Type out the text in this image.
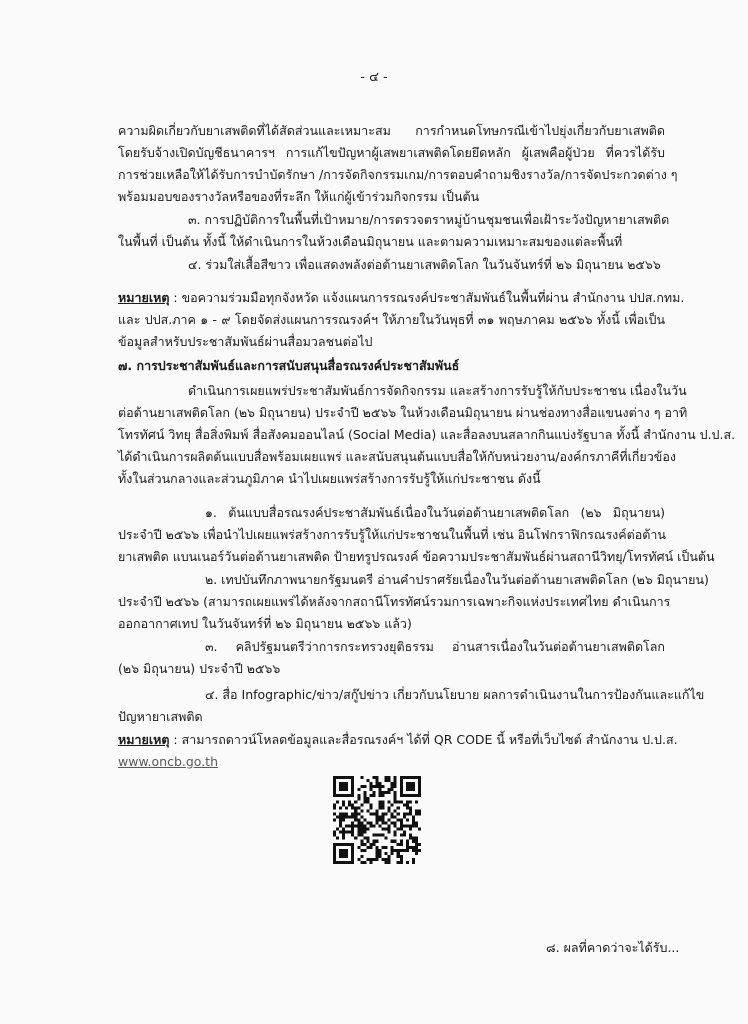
- ๔ -
ความผิดเกี่ยวกับยาเสพติดที่ได้สัดส่วนและเหมาะสม การกำหนดโทษกรณีเข้าไปยุ่งเกี่ยวกับยาเสพติด
โดยรับจ้างเปิดบัญชีธนาคารฯ การแก้ไขปัญหาผู้เสพยาเสพติดโดยยึดหลัก ผู้เสพคือผู้ป่วย ที่ควรได้รับ
การช่วยเหลือให้ได้รับการบำบัดรักษา /การจัดกิจกรรมเกม/การตอบคำถามชิงรางวัล/การจัดประกวดต่าง ๆ
พร้อมมอบของรางวัลหรือของที่ระลึก ให้แก่ผู้เข้าร่วมกิจกรรม เป็นต้น
๓. การปฏิบัติการในพื้นที่เป้าหมาย/การตรวจตราหมู่บ้านชุมชนเพื่อเฝ้าระวังปัญหายาเสพติด
ในพื้นที่ เป็นต้น ทั้งนี้ ให้ดำเนินการในห้วงเดือนมิถุนายน และตามความเหมาะสมของแต่ละพื้นที่
๔. ร่วมใส่เสื้อสีขาว เพื่อแสดงพลังต่อต้านยาเสพติดโลก ในวันจันทร์ที่ ๒๖ มิถุนายน ๒๕๖๖
หมายเหตุ : ขอความร่วมมือทุกจังหวัด แจ้งแผนการรณรงค์ประชาสัมพันธ์ในพื้นที่ผ่าน สำนักงาน ปปส.กทม.
และ ปปส.ภาค ๑ - ๙ โดยจัดส่งแผนการรณรงค์ฯ ให้ภายในวันพุธที่ ๓๑ พฤษภาคม ๒๕๖๖ ทั้งนี้ เพื่อเป็น
ข้อมูลสำหรับประชาสัมพันธ์ผ่านสื่อมวลชนต่อไป
๗. การประชาสัมพันธ์และการสนับสนุนสื่อรณรงค์ประชาสัมพันธ์
ดำเนินการเผยแพร่ประชาสัมพันธ์การจัดกิจกรรม และสร้างการรับรู้ให้กับประชาชน เนื่องในวัน
ต่อต้านยาเสพติดโลก (๒๖ มิถุนายน) ประจำปี ๒๕๖๖ ในห้วงเดือนมิถุนายน ผ่านช่องทางสื่อแขนงต่าง ๆ อาทิ
โทรทัศน์ วิทยุ สื่อสิ่งพิมพ์ สื่อสังคมออนไลน์ (Social Media) และสื่อลงบนสลากกินแบ่งรัฐบาล ทั้งนี้ สำนักงาน ป.ป.ส.
ได้ดำเนินการผลิตต้นแบบสื่อพร้อมเผยแพร่ และสนับสนุนต้นแบบสื่อให้กับหน่วยงาน/องค์กรภาคีที่เกี่ยวข้อง
ทั้งในส่วนกลางและส่วนภูมิภาค นำไปเผยแพร่สร้างการรับรู้ให้แก่ประชาชน ดังนี้
๑. ต้นแบบสื่อรณรงค์ประชาสัมพันธ์เนื่องในวันต่อต้านยาเสพติดโลก (๒๖ มิถุนายน)
ประจำปี ๒๕๖๖ เพื่อนำไปเผยแพร่สร้างการรับรู้ให้แก่ประชาชนในพื้นที่ เช่น อินโฟกราฟิกรณรงค์ต่อต้าน
ยาเสพติด แบนเนอร์วันต่อต้านยาเสพติด ป้ายทรูปรณรงค์ ข้อความประชาสัมพันธ์ผ่านสถานีวิทยุ/โทรทัศน์ เป็นต้น
๒. เทปบันทึกภาพนายกรัฐมนตรี อ่านคำปราศรัยเนื่องในวันต่อต้านยาเสพติดโลก (๒๖ มิถุนายน)
ประจำปี ๒๕๖๖ (สามารถเผยแพร่ได้หลังจากสถานีโทรทัศน์รวมการเฉพาะกิจแห่งประเทศไทย ดำเนินการ
ออกอากาศเทป ในวันจันทร์ที่ ๒๖ มิถุนายน ๒๕๖๖ แล้ว)
๓. คลิปรัฐมนตรีว่าการกระทรวงยุติธรรม อ่านสารเนื่องในวันต่อต้านยาเสพติดโลก
(๒๖ มิถุนายน) ประจำปี ๒๕๖๖
๔. สื่อ Infographic/ข่าว/สกู๊ปข่าว เกี่ยวกับนโยบาย ผลการดำเนินงานในการป้องกันและแก้ไข
ปัญหายาเสพติด
หมายเหตุ : สามารถดาวน์โหลดข้อมูลและสื่อรณรงค์ฯ ได้ที่ QR CODE นี้ หรือที่เว็บไซต์ สำนักงาน ป.ป.ส.
www.oncb.go.th
๘. ผลที่คาดว่าจะได้รับ...
